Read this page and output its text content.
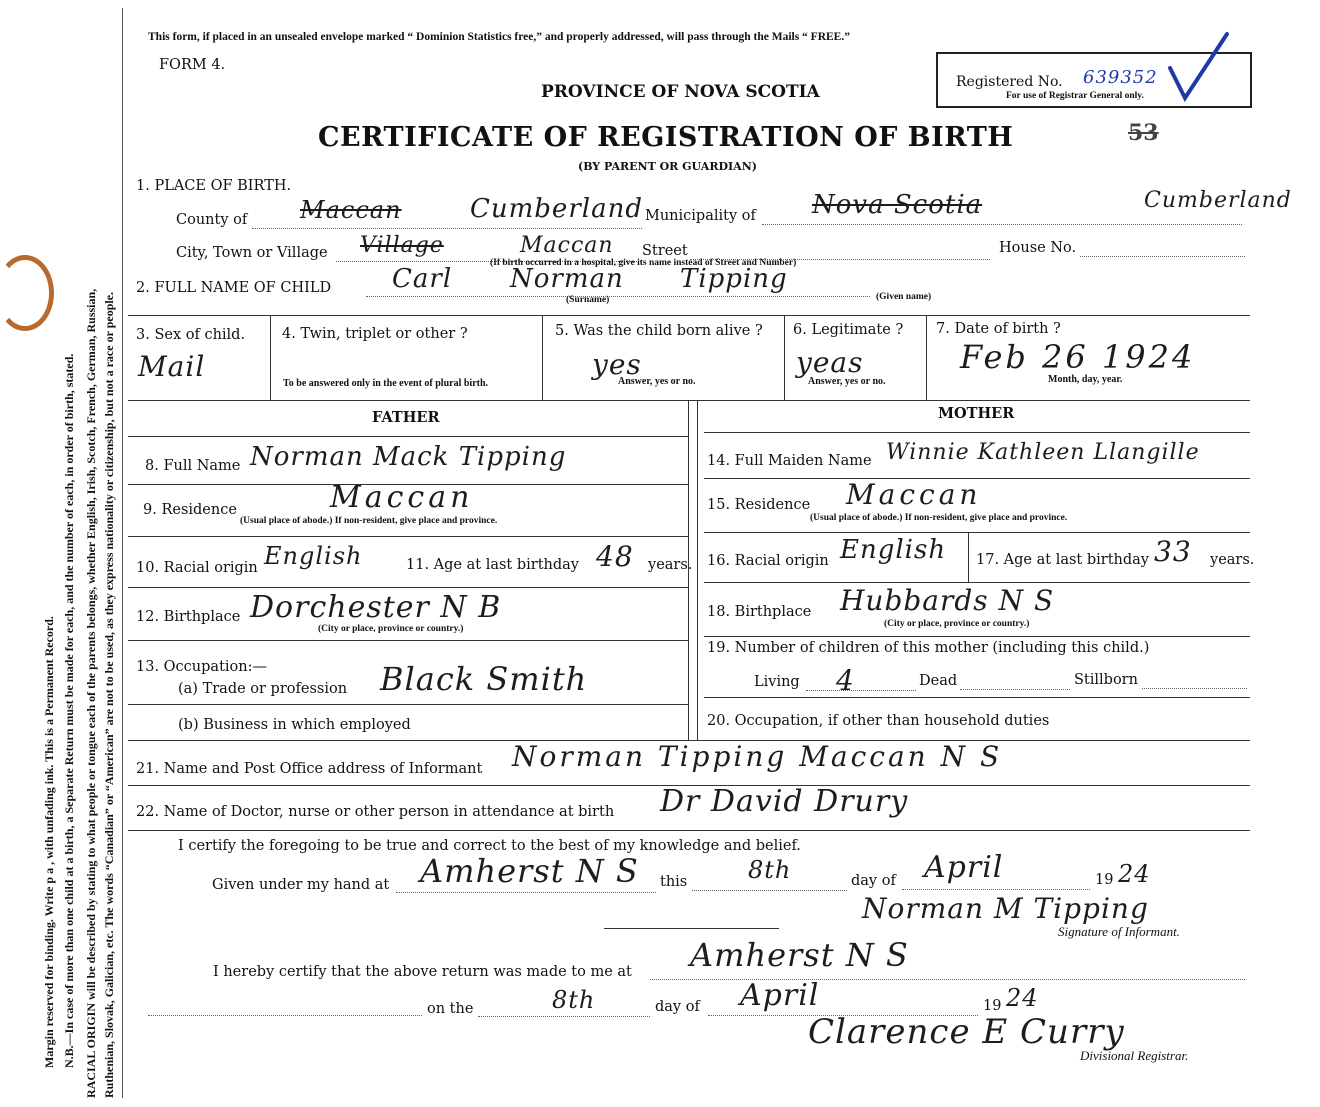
Margin reserved for binding. Write p a , with unfading ink. This is a Permanent Record. N.B.—In case of more than one child at a birth, a Separate Return must be made for each, and the number of each, in order of birth, stated. RACIAL ORIGIN will be described by stating to what people or tongue each of the parents belongs, whether English, Irish, Scotch, French, German, Russian, Ruthenian, Slovak, Galician, etc. The words “Canadian” or “American” are not to be used, as they express nationality or citizenship, but not a race or people.
This form, if placed in an unsealed envelope marked “ Dominion Statistics free,” and properly addressed, will pass through the Mails “ FREE.”
FORM 4.
PROVINCE OF NOVA SCOTIA
CERTIFICATE OF REGISTRATION OF BIRTH	53
(BY PARENT OR GUARDIAN)
Registered No. 639352
For use of Registrar General only.
1. PLACE OF BIRTH.
County of Maccan	Cumberland Municipality of Nova Scotia	Cumberland
City, Town or Village Village	Maccan Street	House No.
(If birth occurred in a hospital, give its name instead of Street and Number)
2. FULL NAME OF CHILD Carl Norman Tipping
(Surname)	(Given name)
3. Sex of child.
Mail
4. Twin, triplet or other ?
To be answered only in the event of plural birth.
5. Was the child born alive ?
yes
Answer, yes or no.
6. Legitimate ?
yeas
Answer, yes or no.
7. Date of birth ?
Feb 26 1924
Month, day, year.
FATHER	MOTHER
8. Full Name Norman Mack Tipping
9. Residence	Maccan
(Usual place of abode.) If non-resident, give place and province.
10. Racial origin English	11. Age at last birthday 48 years.
12. Birthplace Dorchester N B
(City or place, province or country.)
13. Occupation:—
(a) Trade or profession Black Smith
(b) Business in which employed
14. Full Maiden Name Winnie Kathleen Llangille
15. Residence Maccan
(Usual place of abode.) If non-resident, give place and province.
16. Racial origin English 17. Age at last birthday 33 years.
18. Birthplace Hubbards N S
(City or place, province or country.)
19. Number of children of this mother (including this child.)
Living 4	Dead	Stillborn
20. Occupation, if other than household duties
21. Name and Post Office address of Informant Norman Tipping Maccan N S
22. Name of Doctor, nurse or other person in attendance at birth Dr David Drury
I certify the foregoing to be true and correct to the best of my knowledge and belief.
Given under my hand at Amherst N S this	8th	day of April	19 24
Norman M Tipping
Signature of Informant.
I hereby certify that the above return was made to me at Amherst N S
on the	8th	day of April	19 24
Clarence E Curry
Divisional Registrar.
